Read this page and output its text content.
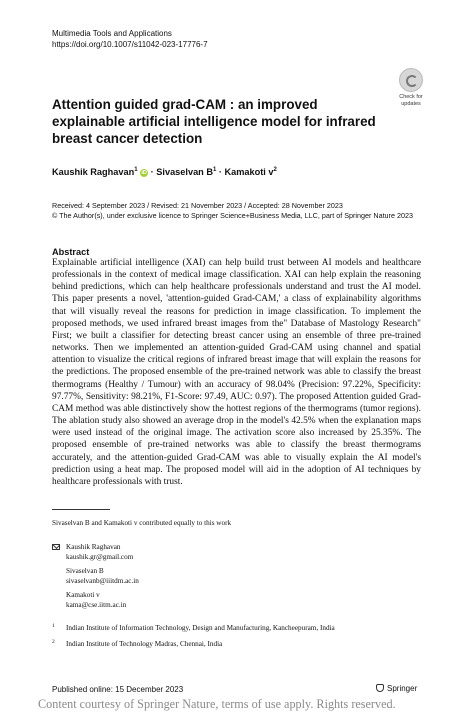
Multimedia Tools and Applications
https://doi.org/10.1007/s11042-023-17776-7
Check for
updates
Attention guided grad-CAM : an improved explainable artificial intelligence model for infrared breast cancer detection
Kaushik Raghavan$^1$ iD · Sivaselvan $B^1$ · Kamakoti $v^2$
Received: 4 September 2023 / Revised: 21 November 2023 / Accepted: 28 November 2023
© The Author(s), under exclusive licence to Springer Science+Business Media, LLC, part of Springer Nature 2023
Abstract
Explainable artificial intelligence (XAI) can help build trust between AI models and healthcare professionals in the context of medical image classification. XAI can help explain the reasoning behind predictions, which can help healthcare professionals understand and trust the AI model. This paper presents a novel, 'attention-guided Grad-CAM,' a class of explainability algorithms that will visually reveal the reasons for prediction in image classification. To implement the proposed methods, we used infrared breast images from the" Database of Mastology Research" First; we built a classifier for detecting breast cancer using an ensemble of three pre-trained networks. Then we implemented an attention-guided Grad-CAM using channel and spatial attention to visualize the critical regions of infrared breast image that will explain the reasons for the predictions. The proposed ensemble of the pre-trained network was able to classify the breast thermograms (Healthy / Tumour) with an accuracy of 98.04% (Precision: 97.22%, Specificity: 97.77%, Sensitivity: 98.21%, F1-Score: 97.49, AUC: 0.97). The proposed Attention guided Grad-CAM method was able distinctively show the hottest regions of the thermograms (tumor regions). The ablation study also showed an average drop in the model's 42.5% when the explanation maps were used instead of the original image. The activation score also increased by 25.35%. The proposed ensemble of pre-trained networks was able to classify the breast thermograms accurately, and the attention-guided Grad-CAM was able to visually explain the AI model's prediction using a heat map. The proposed model will aid in the adoption of AI techniques by healthcare professionals with trust.
Sivaselvan B and Kamakoti v contributed equally to this work
Kaushik Raghavan
kaushik.gr@gmail.com
Sivaselvan B
sivaselvanb@iiitdm.ac.in
Kamakoti v
kama@cse.iitm.ac.in
1 Indian Institute of Information Technology, Design and Manufacturing, Kancheepuram, India
2 Indian Institute of Technology Madras, Chennai, India
Published online: 15 December 2023	Springer
Content courtesy of Springer Nature, terms of use apply. Rights reserved.
